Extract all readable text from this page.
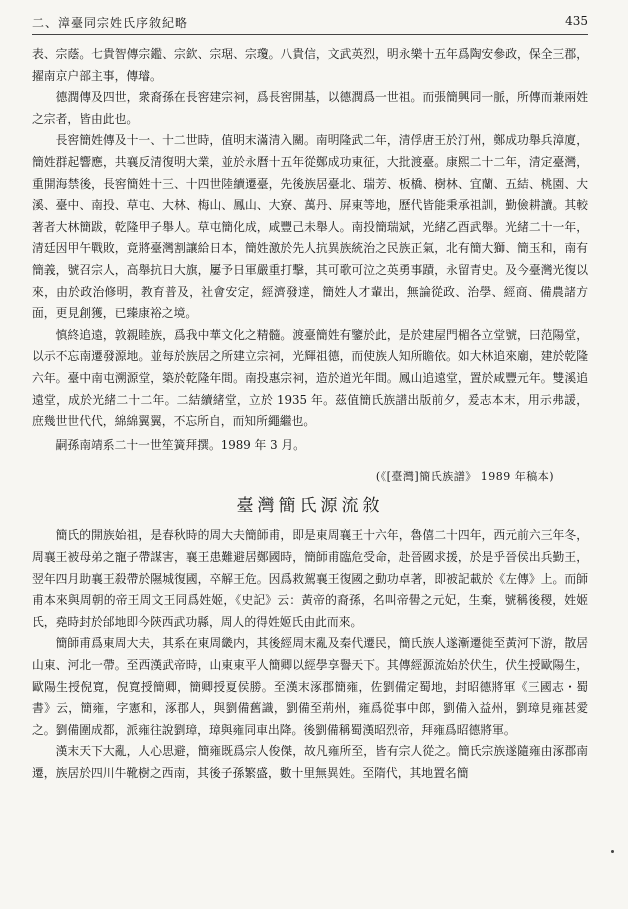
二、漳臺同宗姓氏序敘紀略	435

表、宗蔭。七貴智傳宗鑑、宗欽、宗琚、宗瓊。八貴信，文武英烈，明永樂十五年爲陶安參政，保全三郡，擢南京户部主事，傳璿。

德潤傳及四世，衆裔孫在長窖建宗祠，爲長窖開基，以德潤爲一世祖。而張簡興同一脈，所傳而兼兩姓之宗者，皆由此也。

長窖簡姓傳及十一、十二世時，值明末滿清入關。南明隆武二年，清俘唐王於汀州，鄭成功舉兵漳廈，簡姓群起響應，共襄反清復明大業，並於永曆十五年從鄭成功東征，大批渡臺。康熙二十二年，清定臺灣，重開海禁後，長窖簡姓十三、十四世陸續遷臺，先後族居臺北、瑞芳、板橋、樹林、宜蘭、五結、桃園、大溪、臺中、南投、草屯、大林、梅山、鳳山、大寮、萬丹、屏東等地，歷代皆能秉承祖訓，勤儉耕讀。其較著者大林簡跋，乾隆甲子舉人。草屯簡化成，咸豐己未舉人。南投簡瑞斌，光緒乙酉武舉。光緒二十一年，清廷因甲午戰敗，竟將臺灣割讓給日本，簡姓激於先人抗異族統治之民族正氣，北有簡大獅、簡玉和，南有簡義，號召宗人，高舉抗日大旗，屢予日軍嚴重打擊，其可歌可泣之英勇事蹟，永留青史。及今臺灣光復以來，由於政治修明，教育普及，社會安定，經濟發達，簡姓人才輩出，無論從政、治學、經商、備農諸方面，更見創獲，已臻康裕之境。

慎終追遠，敦親睦族，爲我中華文化之精髓。渡臺簡姓有鑒於此，是於建屋門楣各立堂號，曰范陽堂，以示不忘南遷發源地。並每於族居之所建立宗祠，光輝祖德，而使族人知所瞻依。如大林追來廟，建於乾隆六年。臺中南屯溯源堂，築於乾隆年間。南投惠宗祠，造於道光年間。鳳山追遠堂，置於咸豐元年。雙溪追遠堂，成於光緒二十二年。二結續緒堂，立於 1935 年。茲值簡氏族譜出版前夕，爰志本末，用示弗諼，庶幾世世代代，綿綿翼翼，不忘所自，而知所繩繼也。

嗣孫南靖系二十一世笙簧拜撰。1989 年 3 月。

(《[臺灣]簡氏族譜》 1989 年稿本)

臺灣簡氏源流敘

簡氏的開族始祖，是春秋時的周大夫簡師甫，即是東周襄王十六年，魯僖二十四年，西元前六三年冬，周襄王被母弟之寵子帶謀害，襄王患難避居鄭國時，簡師甫臨危受命，赴晉國求援，於是乎晉侯出兵勤王，翌年四月助襄王殺帶於隰城復國，卒解王危。因爲救駕襄王復國之動功卓著，即被記載於《左傳》上。而師甫本來與周朝的帝王周文王同爲姓姬，《史記》云：黃帝的裔孫，名叫帝嚳之元妃，生棄，號稱後稷，姓姬氏，堯時封於邰地即今陝西武功縣，周人的得姓姬氏由此而來。

簡師甫爲東周大夫，其系在東周畿内，其後經周末亂及秦代遷民，簡氏族人遂漸遷徙至黃河下游，散居山東、河北一帶。至西漢武帝時，山東東平人簡卿以經學享譽天下。其傳經源流始於伏生，伏生授歐陽生，歐陽生授倪寬，倪寬授簡卿，簡卿授夏侯勝。至漢末涿郡簡雍，佐劉備定蜀地，封昭德將軍《三國志・蜀書》云，簡雍，字憲和，涿郡人，與劉備舊識，劉備至荊州，雍爲從事中郎，劉備入益州，劉璋見雍甚愛之。劉備圍成都，派雍往說劉璋，璋與雍同車出降。後劉備稱蜀漢昭烈帝，拜雍爲昭德將軍。

漢末天下大亂，人心思避，簡雍既爲宗人俊傑，故凡雍所至，皆有宗人從之。簡氏宗族遂隨雍由涿郡南遷，族居於四川牛靴樹之西南，其後子孫繁盛，數十里無異姓。至隋代，其地置名簡
